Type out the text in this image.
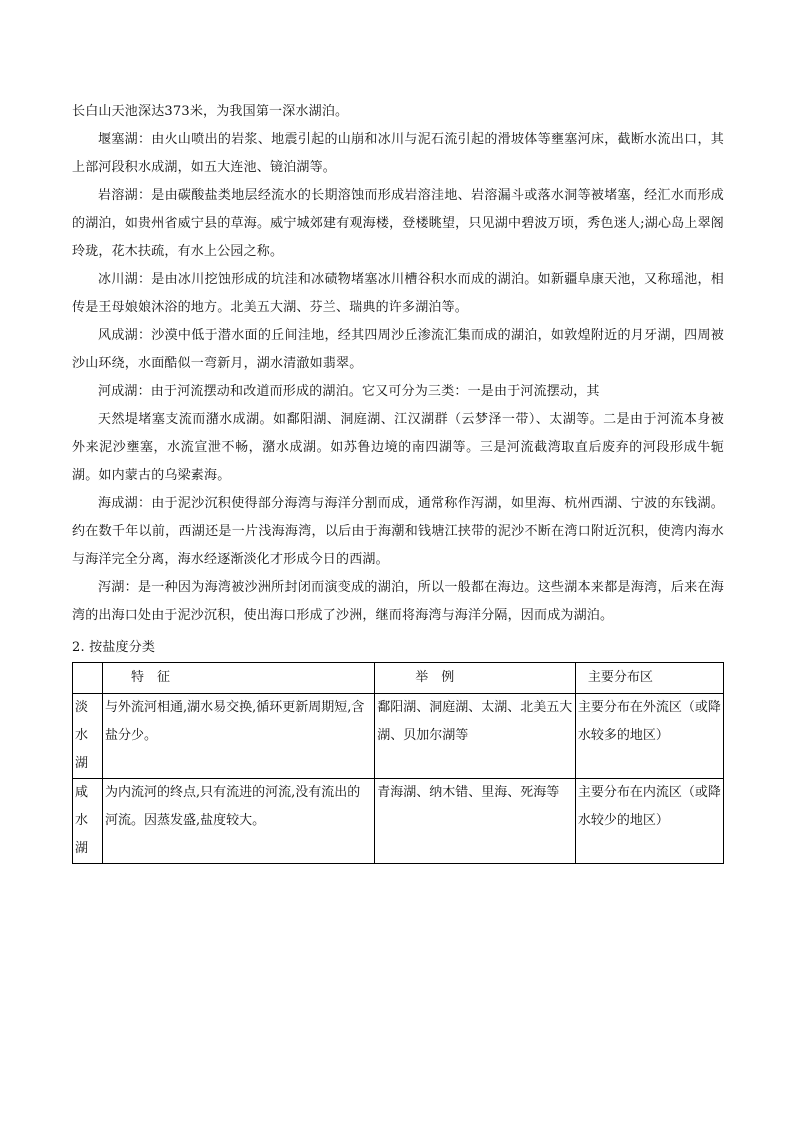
长白山天池深达373米，为我国第一深水湖泊。

堰塞湖：由火山喷出的岩浆、地震引起的山崩和冰川与泥石流引起的滑坡体等壅塞河床，截断水流出口，其上部河段积水成湖，如五大连池、镜泊湖等。

岩溶湖：是由碳酸盐类地层经流水的长期溶蚀而形成岩溶洼地、岩溶漏斗或落水洞等被堵塞，经汇水而形成的湖泊，如贵州省威宁县的草海。威宁城郊建有观海楼，登楼眺望，只见湖中碧波万顷，秀色迷人;湖心岛上翠阁玲珑，花木扶疏，有水上公园之称。

冰川湖：是由冰川挖蚀形成的坑洼和冰碛物堵塞冰川槽谷积水而成的湖泊。如新疆阜康天池，又称瑶池，相传是王母娘娘沐浴的地方。北美五大湖、芬兰、瑞典的许多湖泊等。

风成湖：沙漠中低于潜水面的丘间洼地，经其四周沙丘渗流汇集而成的湖泊，如敦煌附近的月牙湖，四周被沙山环绕，水面酷似一弯新月，湖水清澈如翡翠。

河成湖：由于河流摆动和改道而形成的湖泊。它又可分为三类：一是由于河流摆动，其

天然堤堵塞支流而潴水成湖。如鄱阳湖、洞庭湖、江汉湖群（云梦泽一带）、太湖等。二是由于河流本身被外来泥沙壅塞，水流宣泄不畅，潴水成湖。如苏鲁边境的南四湖等。三是河流截湾取直后废弃的河段形成牛轭湖。如内蒙古的乌梁素海。

海成湖：由于泥沙沉积使得部分海湾与海洋分割而成，通常称作泻湖，如里海、杭州西湖、宁波的东钱湖。约在数千年以前，西湖还是一片浅海海湾，以后由于海潮和钱塘江挟带的泥沙不断在湾口附近沉积，使湾内海水与海洋完全分离，海水经逐渐淡化才形成今日的西湖。

泻湖：是一种因为海湾被沙洲所封闭而演变成的湖泊，所以一般都在海边。这些湖本来都是海湾，后来在海湾的出海口处由于泥沙沉积，使出海口形成了沙洲，继而将海湾与海洋分隔，因而成为湖泊。

2. 按盐度分类

	特　征	举　例	主要分布区
淡水湖	与外流河相通,湖水易交换,循环更新周期短,含盐分少。	鄱阳湖、洞庭湖、太湖、北美五大湖、贝加尔湖等	主要分布在外流区（或降水较多的地区）
咸水湖	为内流河的终点,只有流进的河流,没有流出的河流。因蒸发盛,盐度较大。	青海湖、纳木错、里海、死海等	主要分布在内流区（或降水较少的地区）
